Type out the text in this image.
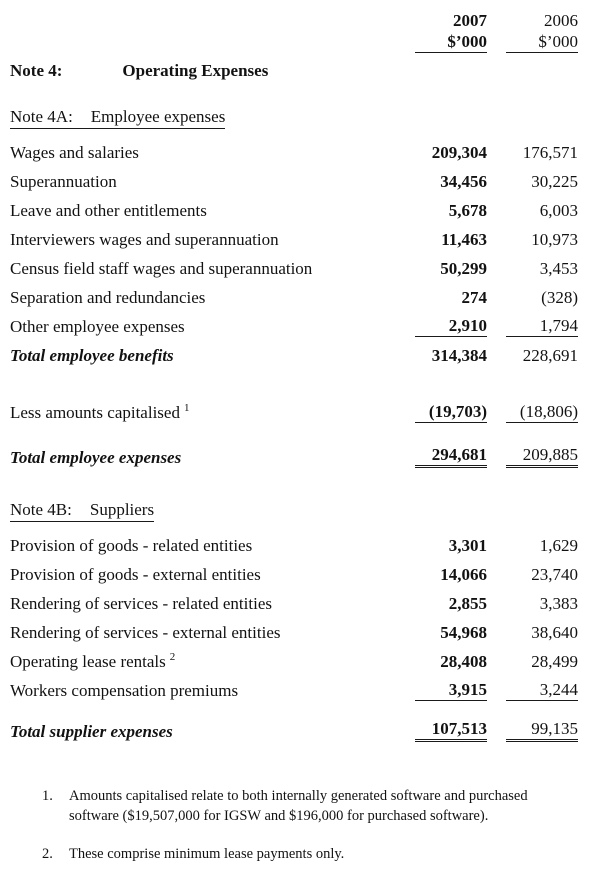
2007	2006
$’000	$’000
Note 4:	Operating Expenses
Note 4A: Employee expenses
Wages and salaries	209,304	176,571
Superannuation	34,456	30,225
Leave and other entitlements	5,678	6,003
Interviewers wages and superannuation	11,463	10,973
Census field staff wages and superannuation	50,299	3,453
Separation and redundancies	274	(328)
Other employee expenses	2,910	1,794
Total employee benefits	314,384	228,691
Less amounts capitalised $^1$	(19,703)	(18,806)
Total employee expenses	294,681	209,885
Note 4B: Suppliers
Provision of goods - related entities	3,301	1,629
Provision of goods - external entities	14,066	23,740
Rendering of services - related entities	2,855	3,383
Rendering of services - external entities	54,968	38,640
Operating lease rentals $^2$	28,408	28,499
Workers compensation premiums	3,915	3,244
Total supplier expenses	107,513	99,135
1.	Amounts capitalised relate to both internally generated software and purchased software ($19,507,000 for IGSW and $196,000 for purchased software).
2.	These comprise minimum lease payments only.
